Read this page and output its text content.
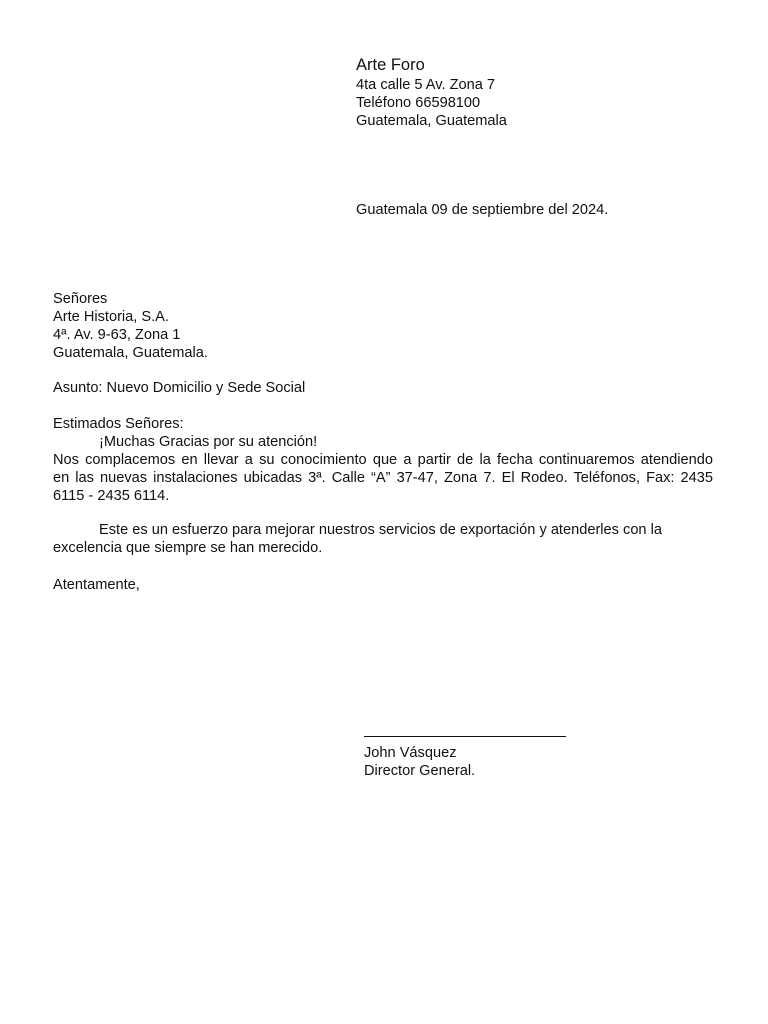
Arte Foro
4ta calle 5 Av. Zona 7
Teléfono 66598100
Guatemala, Guatemala
Guatemala 09 de septiembre del 2024.
Señores
Arte Historia, S.A.
4ª. Av. 9-63, Zona 1
Guatemala, Guatemala.
Asunto: Nuevo Domicilio y Sede Social
Estimados Señores:
¡Muchas Gracias por su atención!
Nos complacemos en llevar a su conocimiento que a partir de la fecha continuaremos atendiendo
en las nuevas instalaciones ubicadas 3ª. Calle “A” 37-47, Zona 7. El Rodeo. Teléfonos, Fax: 2435
6115 - 2435 6114.
Este es un esfuerzo para mejorar nuestros servicios de exportación y atenderles con la
excelencia que siempre se han merecido.
Atentamente,
John Vásquez
Director General.
